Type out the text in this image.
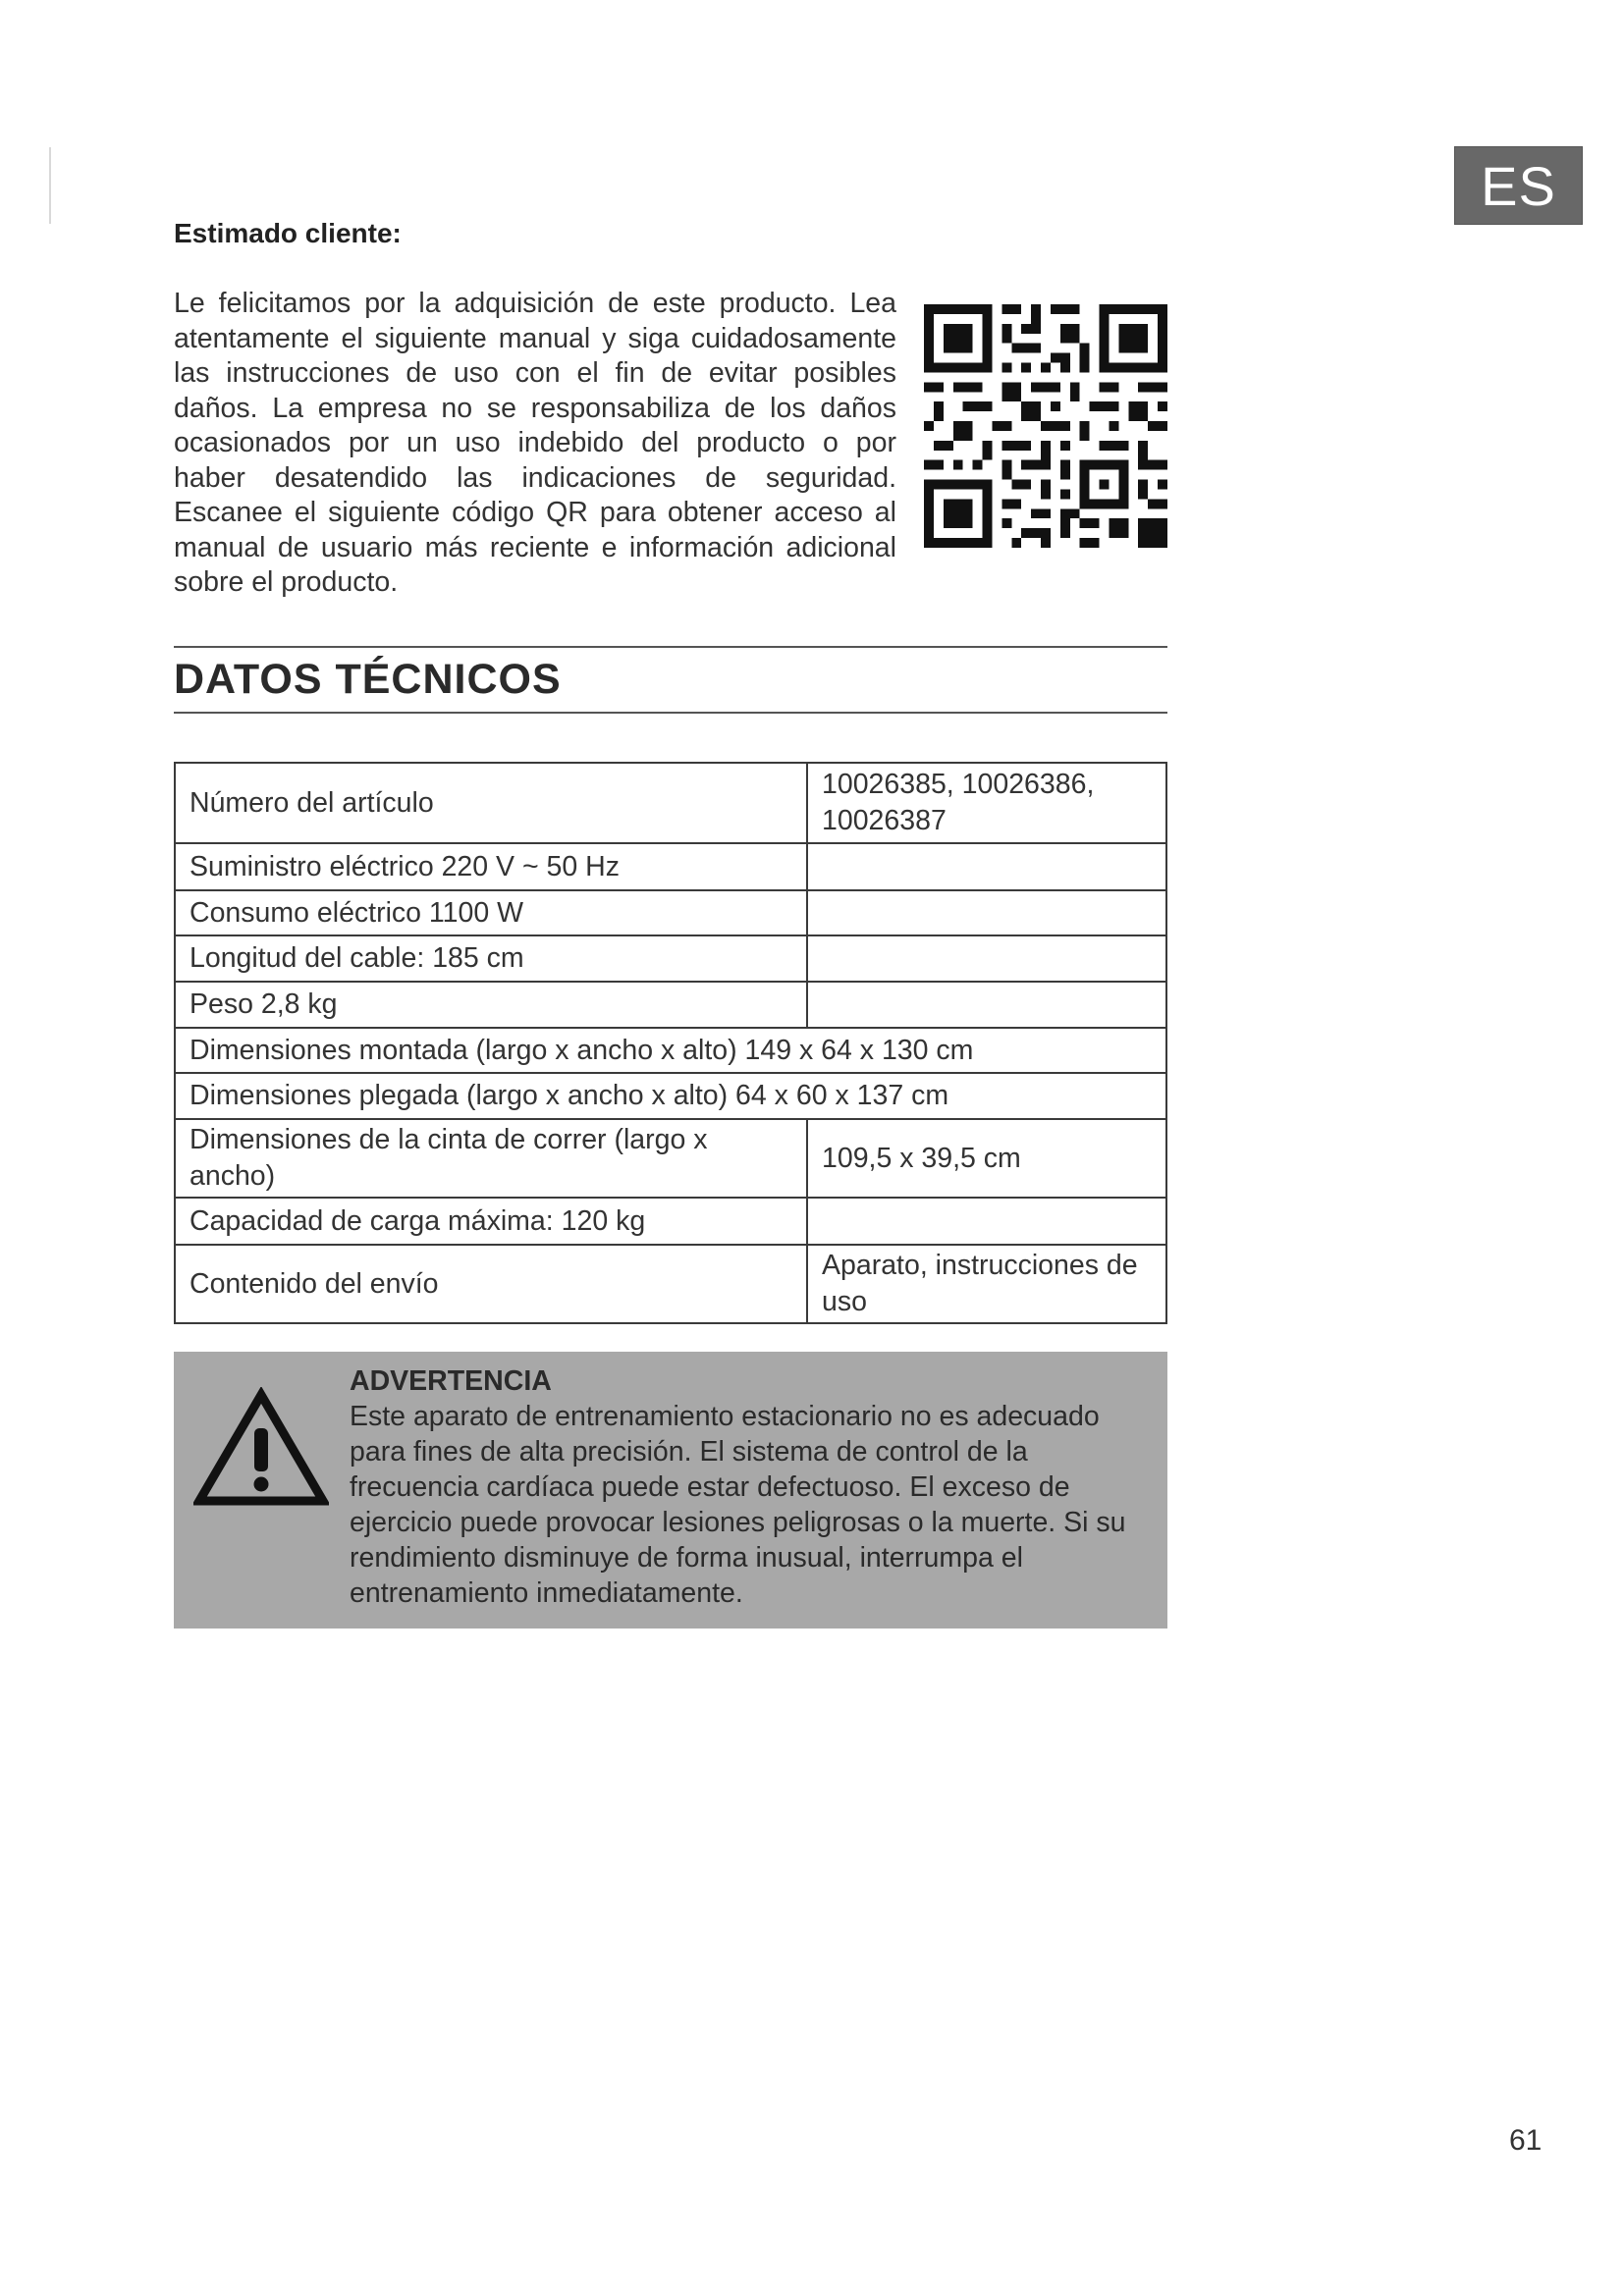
ES
Estimado cliente:

Le felicitamos por la adquisición de este producto. Lea atentamente el siguiente manual y siga cuidadosamente las instrucciones de uso con el fin de evitar posibles daños. La empresa no se responsabiliza de los daños ocasionados por un uso indebido del producto o por haber desatendido las indicaciones de seguridad. Escanee el siguiente código QR para obtener acceso al manual de usuario más reciente e información adicional sobre el producto.

DATOS TÉCNICOS
Número del artículo	10026385, 10026386, 10026387
Suministro eléctrico 220 V ~ 50 Hz	
Consumo eléctrico 1100 W	
Longitud del cable: 185 cm	
Peso 2,8 kg	
Dimensiones montada (largo x ancho x alto) 149 x 64 x 130 cm	
Dimensiones plegada (largo x ancho x alto) 64 x 60 x 137 cm	
Dimensiones de la cinta de correr (largo x ancho)	109,5 x 39,5 cm
Capacidad de carga máxima: 120 kg	
Contenido del envío	Aparato, instrucciones de uso
ADVERTENCIA
Este aparato de entrenamiento estacionario no es adecuado para fines de alta precisión. El sistema de control de la frecuencia cardíaca puede estar defectuoso. El exceso de ejercicio puede provocar lesiones peligrosas o la muerte. Si su rendimiento disminuye de forma inusual, interrumpa el entrenamiento inmediatamente.
61
